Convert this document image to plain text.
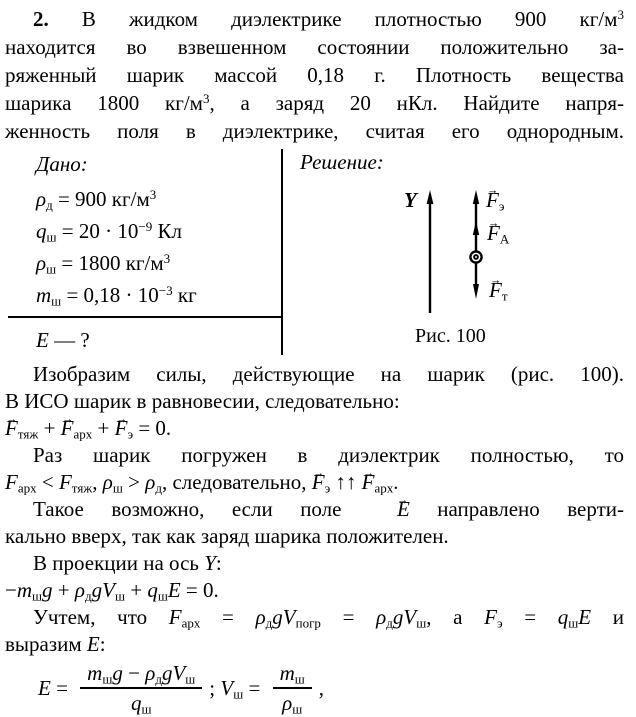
2. В жидком диэлектрике плотностью 900 $кг/м^3$
находится во взвешенном состоянии положительно за-
ряженный шарик массой 0,18 г. Плотность вещества
шарика 1800 $кг/м^3$, а заряд 20 нКл. Найдите напря-
женность поля в диэлектрике, считая его однородным.
Дано:
$\rho_д = 900$ $кг/м^3$
$q_ш = 20 \cdot 10^{-9}$ Кл
$\rho_ш = 1800$ $кг/м^3$
$m_ш = 0,18 \cdot 10^{-3}$ кг
E — ?
Решение:
Y	→ $F_э$
→ $F_А$
→ $F_т$
Рис. 100
Изобразим силы, действующие на шарик (рис. 100).
В ИСО шарик в равновесии, следовательно:
→ $F_{тяж}$ + → $F_{арх}$ + → $F_э = 0$.
Раз шарик погружен в диэлектрик полностью, то
$F_{арх} < F_{тяж}$, $\rho_ш > \rho_д$, следовательно, → $F_э$ ↑↑ → $F_{арх}$.
Такое возможно, если поле → E направлено верти-
кально вверх, так как заряд шарика положителен.
В проекции на ось Y:
$-m_шg + \rho_дgV_ш + q_шE = 0$.
Учтем, что $F_{арх} = \rho_дgV_{погр} = \rho_дgV_ш$, а $F_э = q_шE$ и
выразим E:
$E = \frac{m_шg - \rho_дgV_ш}{q_ш}$ ; $V_ш = \frac{m_ш}{\rho_ш}$ ,
